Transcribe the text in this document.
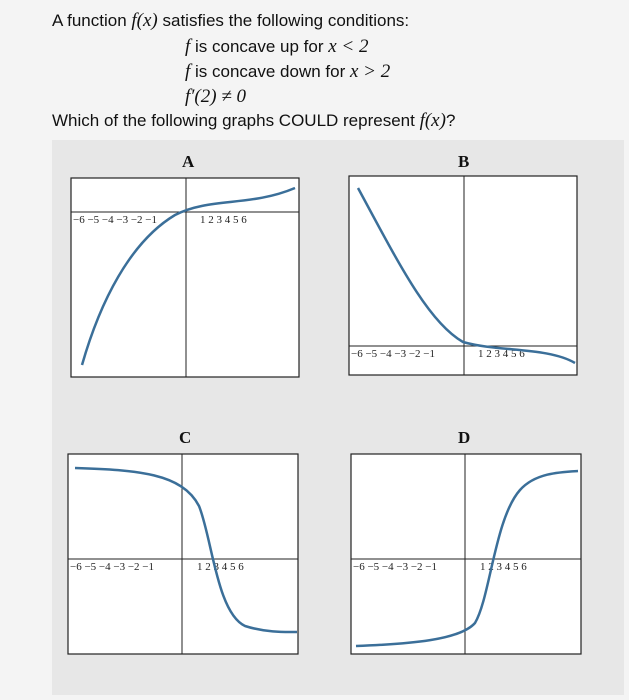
A function f(x) satisfies the following conditions:
f is concave up for x < 2
f is concave down for x > 2
f′(2) ≠ 0
Which of the following graphs COULD represent f(x)?
A
−6 −5 −4 −3 −2 −1	1 2 3 4 5 6
B
−6 −5 −4 −3 −2 −1	1 2 3 4 5 6
C
−6 −5 −4 −3 −2 −1	1 2 3 4 5 6
D
−6 −5 −4 −3 −2 −1	1 2 3 4 5 6
